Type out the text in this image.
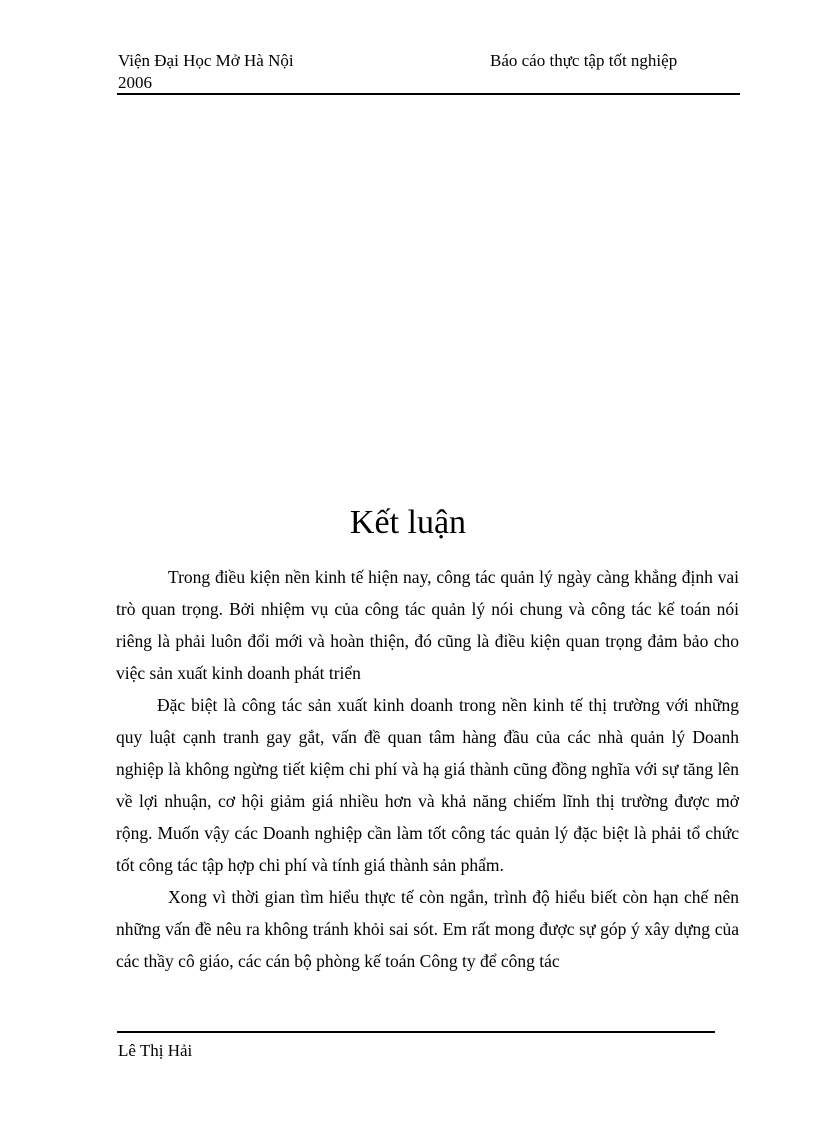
Viện Đại Học Mở Hà Nội
2006
Báo cáo thực tập tốt nghiệp
Kết luận

Trong điều kiện nền kinh tế hiện nay, công tác quản lý ngày càng khẳng định vai trò quan trọng. Bởi nhiệm vụ của công tác quản lý nói chung và công tác kế toán nói riêng là phải luôn đổi mới và hoàn thiện, đó cũng là điều kiện quan trọng đảm bảo cho việc sản xuất kinh doanh phát triển

Đặc biệt là công tác sản xuất kinh doanh trong nền kinh tế thị trường với những quy luật cạnh tranh gay gắt, vấn đề quan tâm hàng đầu của các nhà quản lý Doanh nghiệp là không ngừng tiết kiệm chi phí và hạ giá thành cũng đồng nghĩa với sự tăng lên về lợi nhuận, cơ hội giảm giá nhiều hơn và khả năng chiếm lĩnh thị trường được mở rộng. Muốn vậy các Doanh nghiệp cần làm tốt công tác quản lý đặc biệt là phải tổ chức tốt công tác tập hợp chi phí và tính giá thành sản phẩm.

Xong vì thời gian tìm hiểu thực tế còn ngắn, trình độ hiểu biết còn hạn chế nên những vấn đề nêu ra không tránh khỏi sai sót. Em rất mong được sự góp ý xây dựng của các thầy cô giáo, các cán bộ phòng kế toán Công ty để công tác

Lê Thị Hải
